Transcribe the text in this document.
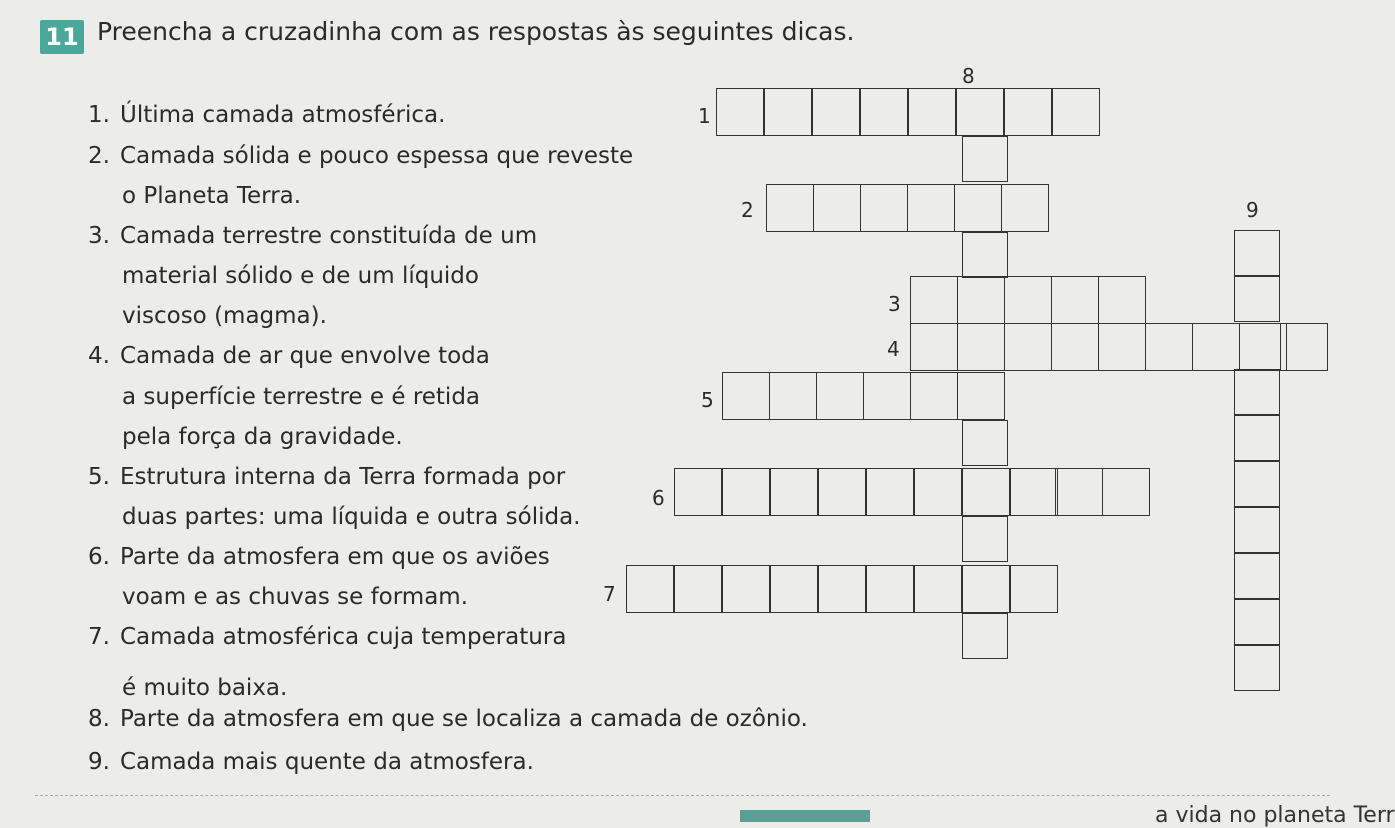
11 Preencha a cruzadinha com as respostas às seguintes dicas.
1. Última camada atmosférica.
2. Camada sólida e pouco espessa que reveste
o Planeta Terra.
3. Camada terrestre constituída de um
material sólido e de um líquido
viscoso (magma).
4. Camada de ar que envolve toda
a superfície terrestre e é retida
pela força da gravidade.
5. Estrutura interna da Terra formada por
duas partes: uma líquida e outra sólida.
6. Parte da atmosfera em que os aviões
voam e as chuvas se formam.
7. Camada atmosférica cuja temperatura
é muito baixa.
8. Parte da atmosfera em que se localiza a camada de ozônio.
9. Camada mais quente da atmosfera.
8
1
2	9
3
4
5
6
7
a vida no planeta Terr
